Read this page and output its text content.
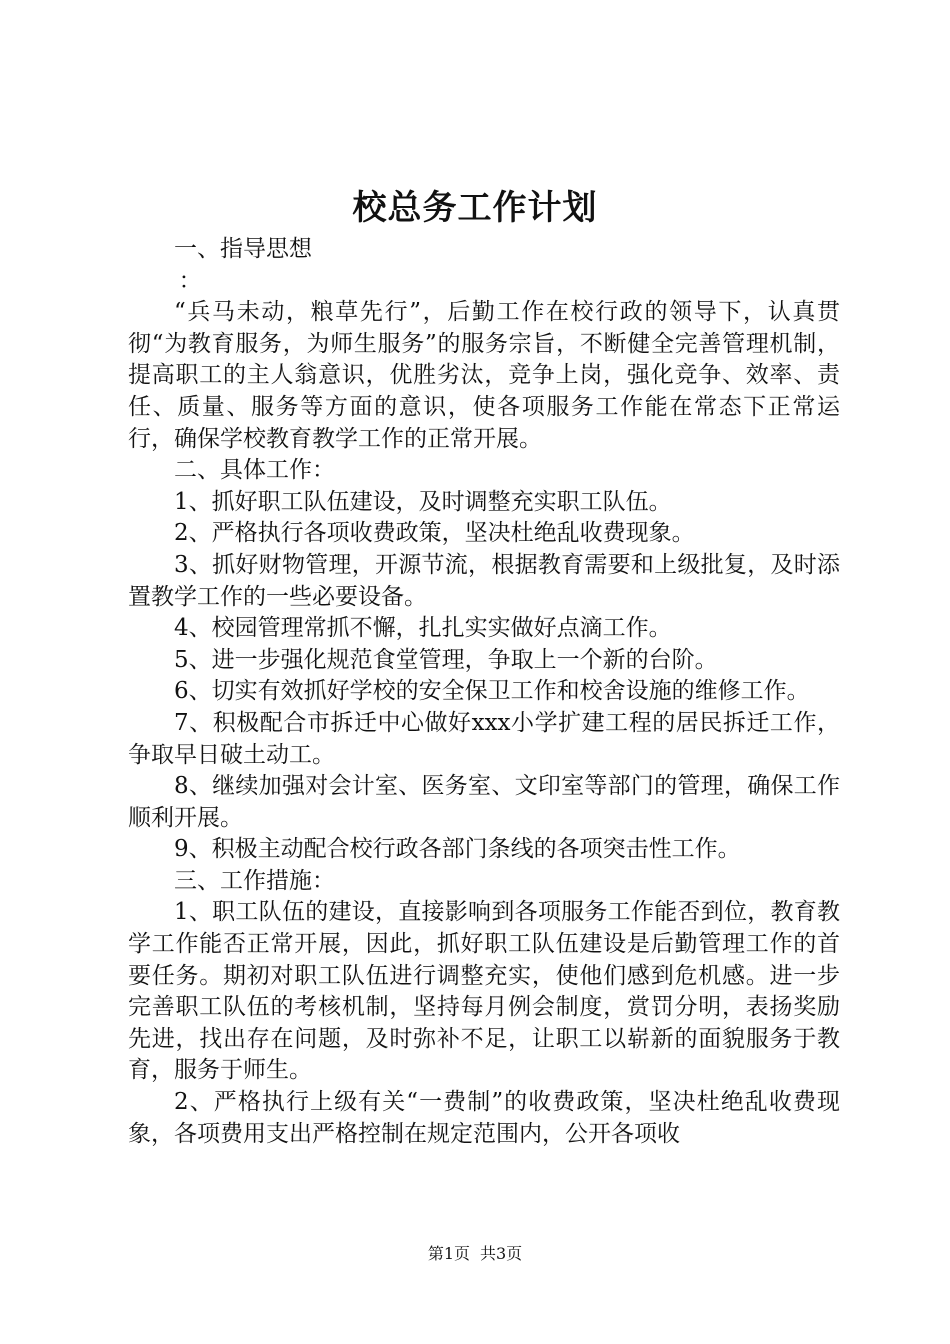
校总务工作计划

一、指导思想

：

“兵马未动，粮草先行”，后勤工作在校行政的领导下，认真贯彻“为教育服务，为师生服务”的服务宗旨，不断健全完善管理机制，提高职工的主人翁意识，优胜劣汰，竞争上岗，强化竞争、效率、责任、质量、服务等方面的意识，使各项服务工作能在常态下正常运行，确保学校教育教学工作的正常开展。

二、具体工作：

1、抓好职工队伍建设，及时调整充实职工队伍。

2、严格执行各项收费政策，坚决杜绝乱收费现象。

3、抓好财物管理，开源节流，根据教育需要和上级批复，及时添置教学工作的一些必要设备。

4、校园管理常抓不懈，扎扎实实做好点滴工作。

5、进一步强化规范食堂管理，争取上一个新的台阶。

6、切实有效抓好学校的安全保卫工作和校舍设施的维修工作。

7、积极配合市拆迁中心做好xxx小学扩建工程的居民拆迁工作，争取早日破土动工。

8、继续加强对会计室、医务室、文印室等部门的管理，确保工作顺利开展。

9、积极主动配合校行政各部门条线的各项突击性工作。

三、工作措施：

1、职工队伍的建设，直接影响到各项服务工作能否到位，教育教学工作能否正常开展，因此，抓好职工队伍建设是后勤管理工作的首要任务。期初对职工队伍进行调整充实，使他们感到危机感。进一步完善职工队伍的考核机制，坚持每月例会制度，赏罚分明，表扬奖励先进，找出存在问题，及时弥补不足，让职工以崭新的面貌服务于教育，服务于师生。

2、严格执行上级有关“一费制”的收费政策，坚决杜绝乱收费现象，各项费用支出严格控制在规定范围内，公开各项收

第1页 共3页
